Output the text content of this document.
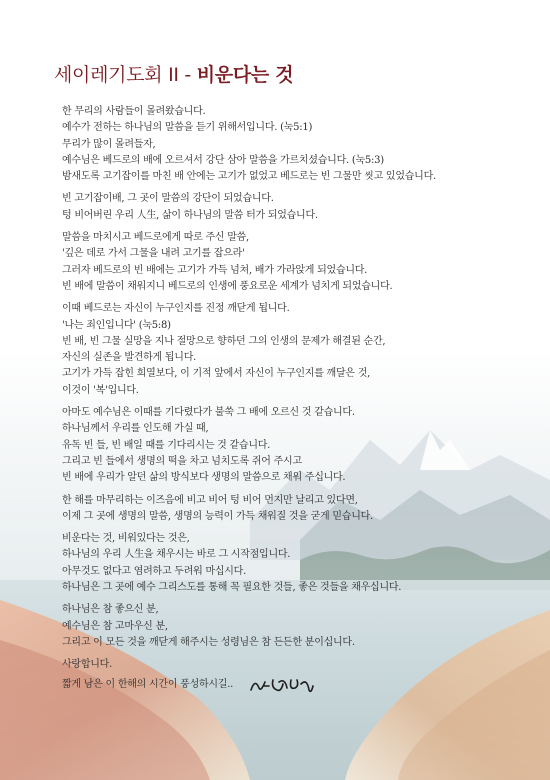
세이레기도회 II - 비운다는 것
한 무리의 사람들이 몰려왔습니다.
예수가 전하는 하나님의 말씀을 듣기 위해서입니다. (눅5:1)
무리가 많이 몰려들자,
예수님은 베드로의 배에 오르셔서 강단 삼아 말씀을 가르치셨습니다. (눅5:3)
밤새도록 고기잡이를 마친 배 안에는 고기가 없었고 베드로는 빈 그물만 씻고 있었습니다.
빈 고기잡이배, 그 곳이 말씀의 강단이 되었습니다.
텅 비어버린 우리 人生, 삶이 하나님의 말씀 터가 되었습니다.
말씀을 마치시고 베드로에게 따로 주신 말씀,
'깊은 데로 가서 그물을 내려 고기를 잡으라'
그러자 베드로의 빈 배에는 고기가 가득 넘쳐, 배가 가라앉게 되었습니다.
빈 배에 말씀이 채워지니 베드로의 인생에 풍요로운 세계가 넘치게 되었습니다.
이때 베드로는 자신이 누구인지를 진정 깨닫게 됩니다.
'나는 죄인입니다' (눅5:8)
빈 배, 빈 그물 실망을 지나 절망으로 향하던 그의 인생의 문제가 해결된 순간,
자신의 실존을 발견하게 됩니다.
고기가 가득 잡힌 희열보다, 이 기적 앞에서 자신이 누구인지를 깨달은 것,
이것이 '복'입니다.
아마도 예수님은 이때를 기다렸다가 불쑥 그 배에 오르신 것 같습니다.
하나님께서 우리를 인도해 가실 때,
유독 빈 들, 빈 배일 때를 기다리시는 것 같습니다.
그리고 빈 들에서 생명의 떡을 차고 넘치도록 쥐어 주시고
빈 배에 우리가 알던 삶의 방식보다 생명의 말씀으로 채워 주십니다.
한 해를 마무리하는 이즈음에 비고 비어 텅 비어 먼지만 날리고 있다면,
이제 그 곳에 생명의 말씀, 생명의 능력이 가득 채워질 것을 굳게 믿습니다.
비운다는 것, 비워있다는 것은,
하나님의 우리 人生을 채우시는 바로 그 시작점입니다.
아무것도 없다고 염려하고 두려워 마십시다.
하나님은 그 곳에 예수 그리스도를 통해 꼭 필요한 것들, 좋은 것들을 채우십니다.
하나님은 참 좋으신 분,
예수님은 참 고마우신 분,
그리고 이 모든 것을 깨닫게 해주시는 성령님은 참 든든한 분이십니다.
사랑합니다.
짧게 남은 이 한해의 시간이 풍성하시길..
